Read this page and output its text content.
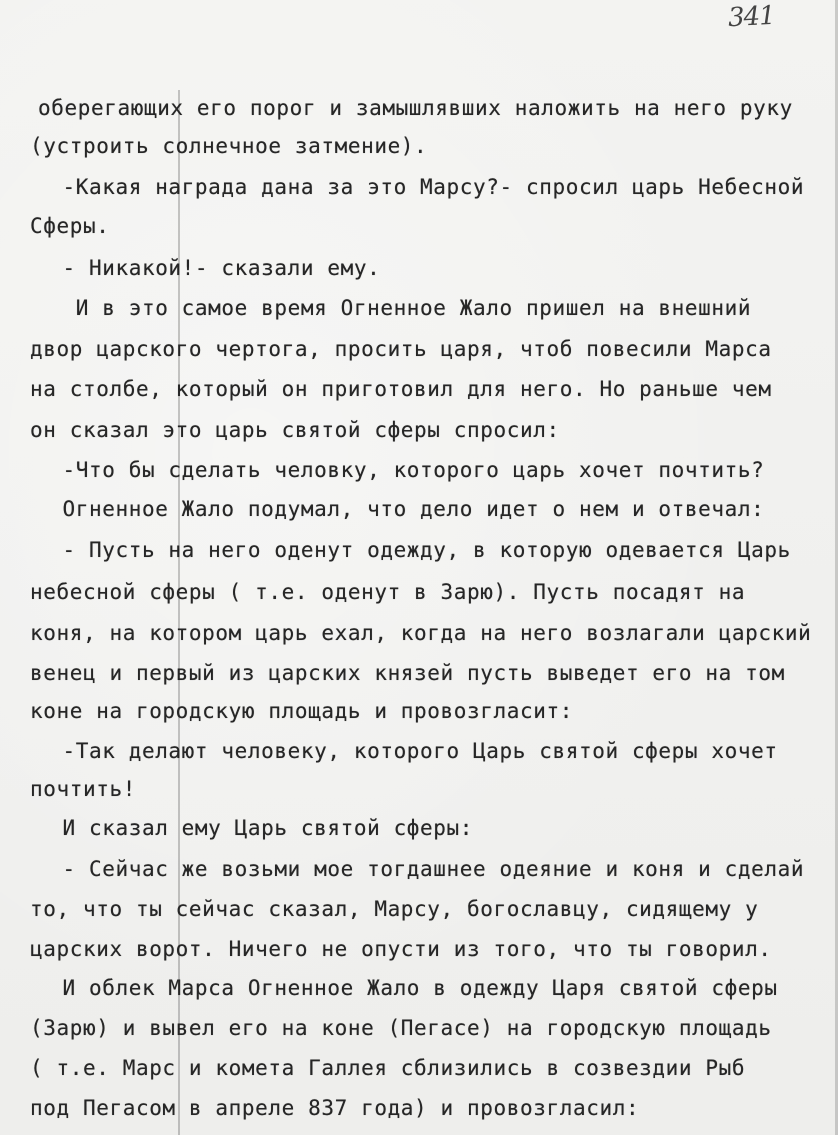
341
оберегающих его порог и замышлявших наложить на него руку
(устроить солнечное затмение).
-Какая награда дана за это Марсу?- спросил царь Небесной
Сферы.
- Никакой!- сказали ему.
И в это самое время Огненное Жало пришел на внешний
двор царского чертога, просить царя, чтоб повесили Марса
на столбе, который он приготовил для него. Но раньше чем
он сказал это царь святой сферы спросил:
-Что бы сделать человку, которого царь хочет почтить?
Огненное Жало подумал, что дело идет о нем и отвечал:
- Пусть на него оденут одежду, в которую одевается Царь
небесной сферы ( т.е. оденут в Зарю). Пусть посадят на
коня, на котором царь ехал, когда на него возлагали царский
венец и первый из царских князей пусть выведет его на том
коне на городскую площадь и провозгласит:
-Так делают человеку, которого Царь святой сферы хочет
почтить!
И сказал ему Царь святой сферы:
- Сейчас же возьми мое тогдашнее одеяние и коня и сделай
то, что ты сейчас сказал, Марсу, богославцу, сидящему у
царских ворот. Ничего не опусти из того, что ты говорил.
И облек Марса Огненное Жало в одежду Царя святой сферы
(Зарю) и вывел его на коне (Пегасе) на городскую площадь
( т.е. Марс и комета Галлея сблизились в созвездии Рыб
под Пегасом в апреле 837 года) и провозгласил:
